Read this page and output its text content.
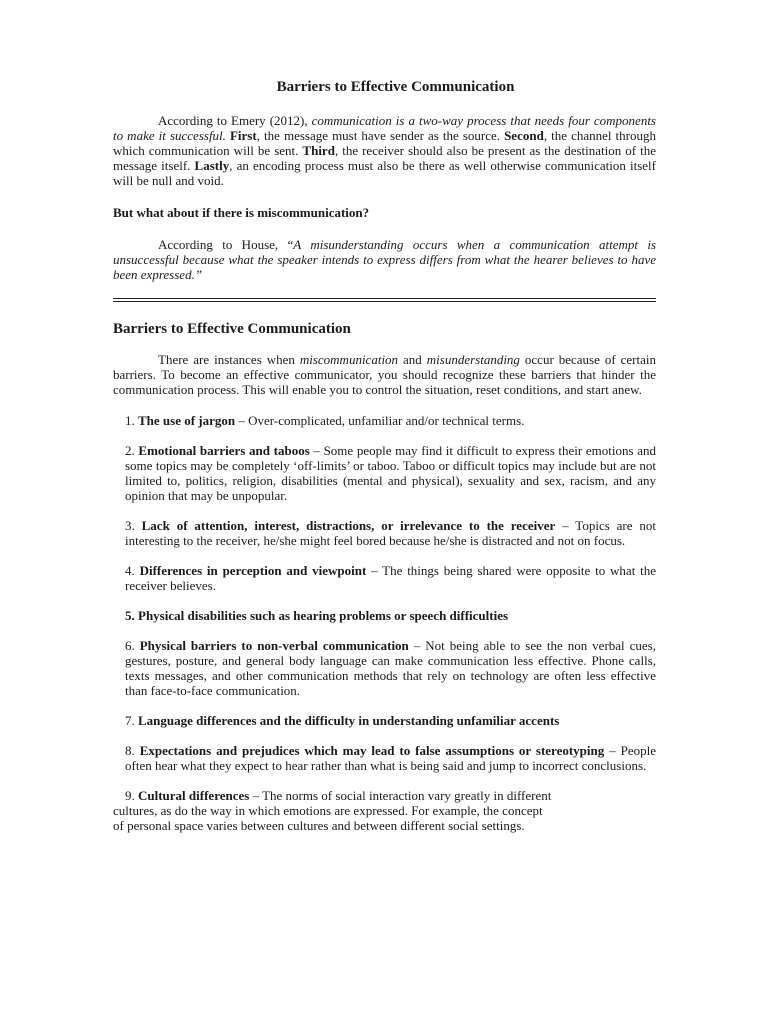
Barriers to Effective Communication

According to Emery (2012), communication is a two-way process that needs four components to make it successful. First, the message must have sender as the source. Second, the channel through which communication will be sent. Third, the receiver should also be present as the destination of the message itself. Lastly, an encoding process must also be there as well otherwise communication itself will be null and void.

But what about if there is miscommunication?

According to House, “A misunderstanding occurs when a communication attempt is unsuccessful because what the speaker intends to express differs from what the hearer believes to have been expressed.”

Barriers to Effective Communication

There are instances when miscommunication and misunderstanding occur because of certain barriers. To become an effective communicator, you should recognize these barriers that hinder the communication process. This will enable you to control the situation, reset conditions, and start anew.

1. The use of jargon – Over-complicated, unfamiliar and/or technical terms.
2. Emotional barriers and taboos – Some people may find it difficult to express their emotions and some topics may be completely ‘off-limits’ or taboo. Taboo or difficult topics may include but are not limited to, politics, religion, disabilities (mental and physical), sexuality and sex, racism, and any opinion that may be unpopular.
3. Lack of attention, interest, distractions, or irrelevance to the receiver – Topics are not interesting to the receiver, he/she might feel bored because he/she is distracted and not on focus.
4. Differences in perception and viewpoint – The things being shared were opposite to what the receiver believes.
5. Physical disabilities such as hearing problems or speech difficulties
6. Physical barriers to non-verbal communication – Not being able to see the non verbal cues, gestures, posture, and general body language can make communication less effective. Phone calls, texts messages, and other communication methods that rely on technology are often less effective than face-to-face communication.
7. Language differences and the difficulty in understanding unfamiliar accents
8. Expectations and prejudices which may lead to false assumptions or stereotyping – People often hear what they expect to hear rather than what is being said and jump to incorrect conclusions.
9. Cultural differences – The norms of social interaction vary greatly in different
cultures, as do the way in which emotions are expressed. For example, the concept
of personal space varies between cultures and between different social settings.
